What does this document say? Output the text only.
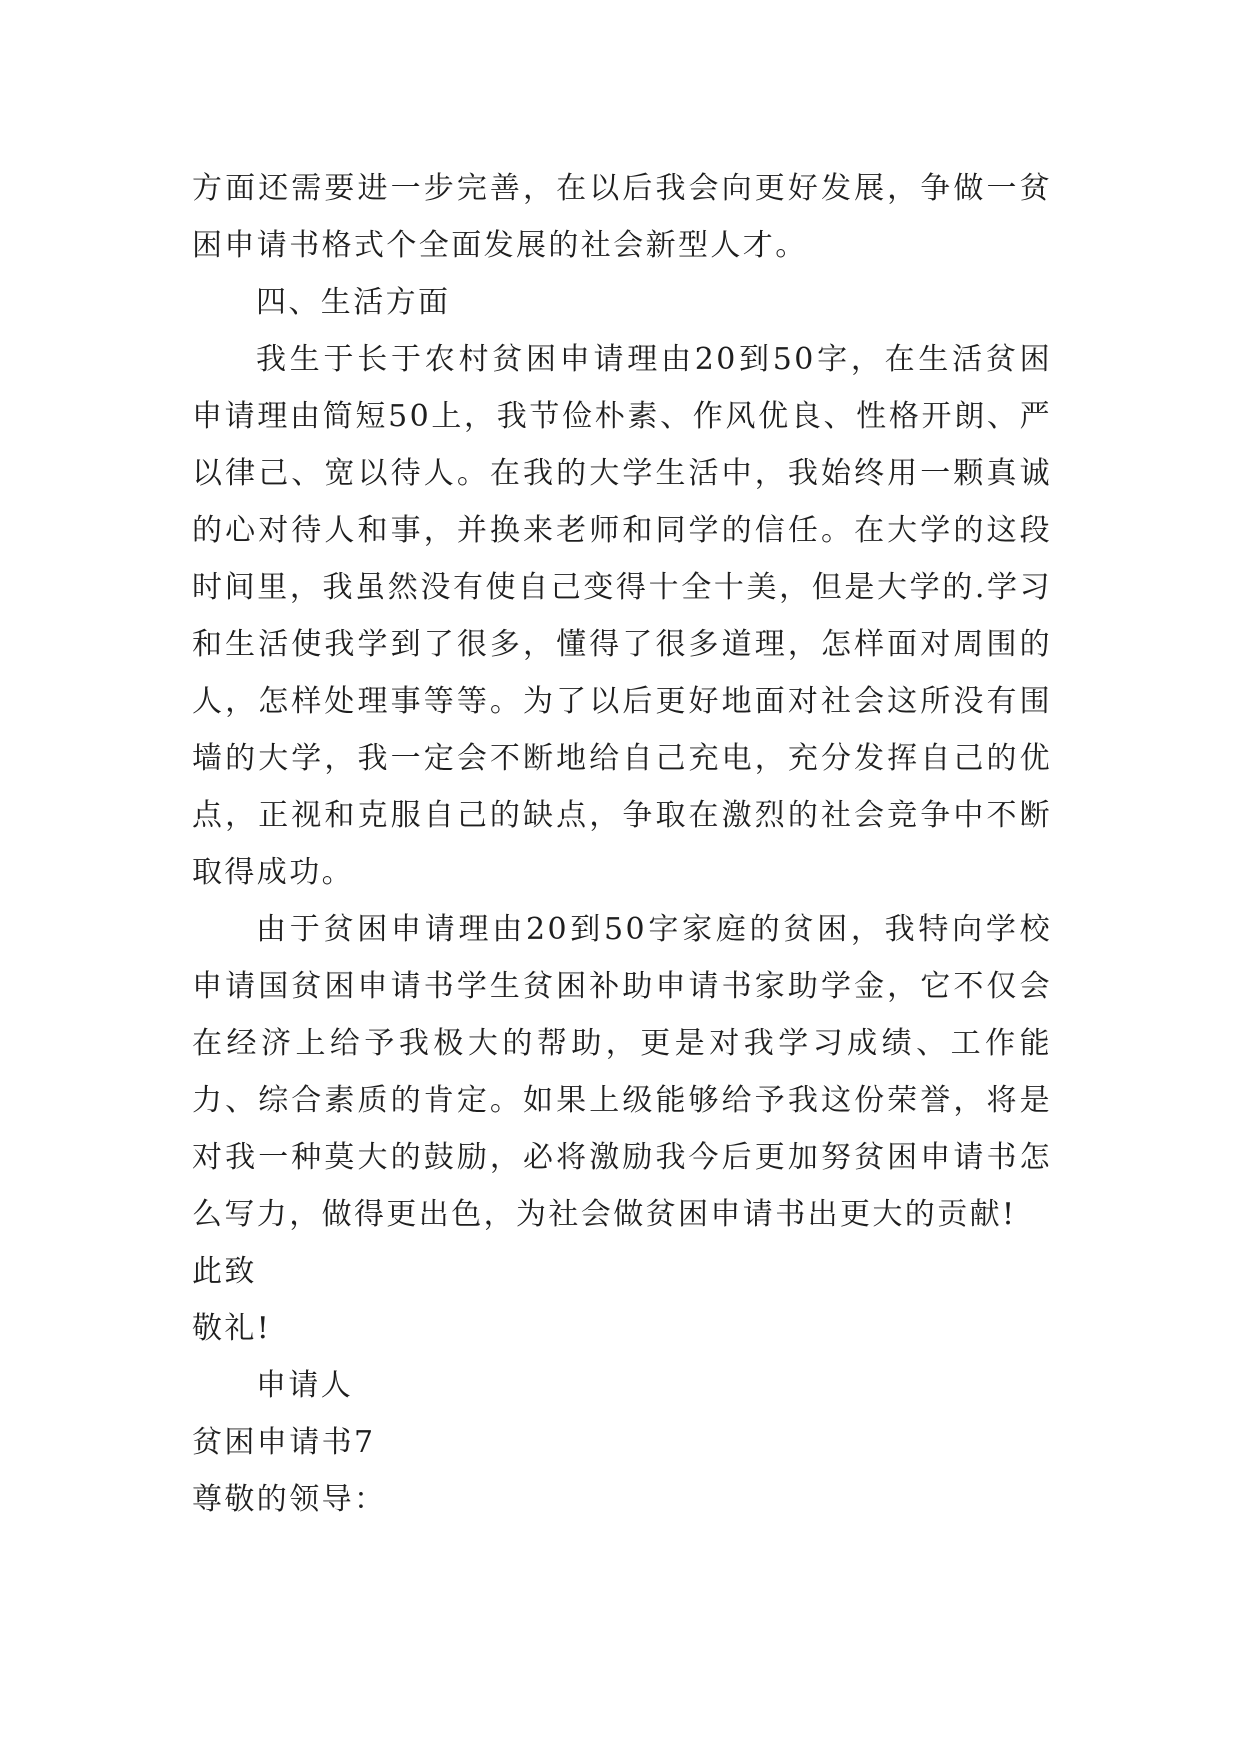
方面还需要进一步完善，在以后我会向更好发展，争做一贫困申请书格式个全面发展的社会新型人才。

四、生活方面

我生于长于农村贫困申请理由20到50字，在生活贫困申请理由简短50上，我节俭朴素、作风优良、性格开朗、严以律己、宽以待人。在我的大学生活中，我始终用一颗真诚的心对待人和事，并换来老师和同学的信任。在大学的这段时间里，我虽然没有使自己变得十全十美，但是大学的.学习和生活使我学到了很多，懂得了很多道理，怎样面对周围的人，怎样处理事等等。为了以后更好地面对社会这所没有围墙的大学，我一定会不断地给自己充电，充分发挥自己的优点，正视和克服自己的缺点，争取在激烈的社会竞争中不断取得成功。

由于贫困申请理由20到50字家庭的贫困，我特向学校申请国贫困申请书学生贫困补助申请书家助学金，它不仅会在经济上给予我极大的帮助，更是对我学习成绩、工作能力、综合素质的肯定。如果上级能够给予我这份荣誉，将是对我一种莫大的鼓励，必将激励我今后更加努贫困申请书怎么写力，做得更出色，为社会做贫困申请书出更大的贡献!

此致

敬礼!

申请人

贫困申请书7

尊敬的领导：
